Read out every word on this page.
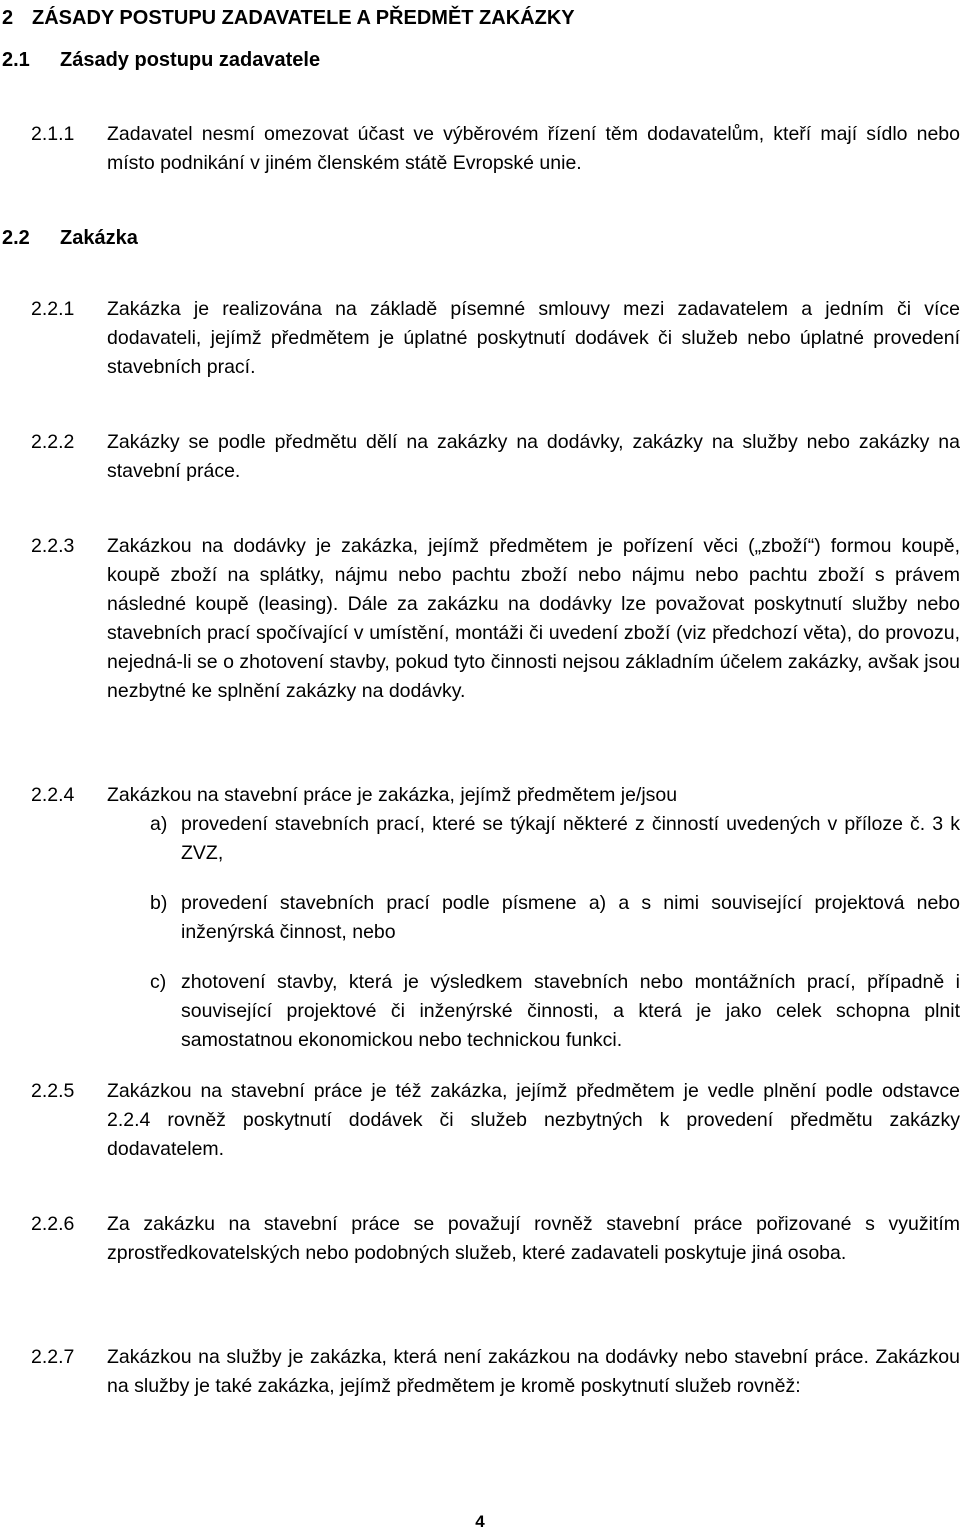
2 ZÁSADY POSTUPU ZADAVATELE A PŘEDMĚT ZAKÁZKY
2.1 Zásady postupu zadavatele
2.1.1 Zadavatel nesmí omezovat účast ve výběrovém řízení těm dodavatelům, kteří mají sídlo nebo místo podnikání v jiném členském státě Evropské unie.
2.2 Zakázka
2.2.1 Zakázka je realizována na základě písemné smlouvy mezi zadavatelem a jedním či více dodavateli, jejímž předmětem je úplatné poskytnutí dodávek či služeb nebo úplatné provedení stavebních prací.
2.2.2 Zakázky se podle předmětu dělí na zakázky na dodávky, zakázky na služby nebo zakázky na stavební práce.
2.2.3 Zakázkou na dodávky je zakázka, jejímž předmětem je pořízení věci („zboží“) formou koupě, koupě zboží na splátky, nájmu nebo pachtu zboží nebo nájmu nebo pachtu zboží s právem následné koupě (leasing). Dále za zakázku na dodávky lze považovat poskytnutí služby nebo stavebních prací spočívající v umístění, montáži či uvedení zboží (viz předchozí věta), do provozu, nejedná-li se o zhotovení stavby, pokud tyto činnosti nejsou základním účelem zakázky, avšak jsou nezbytné ke splnění zakázky na dodávky.
2.2.4 Zakázkou na stavební práce je zakázka, jejímž předmětem je/jsou
a) provedení stavebních prací, které se týkají některé z činností uvedených v příloze č. 3 k ZVZ,
b) provedení stavebních prací podle písmene a) a s nimi související projektová nebo inženýrská činnost, nebo
c) zhotovení stavby, která je výsledkem stavebních nebo montážních prací, případně i související projektové či inženýrské činnosti, a která je jako celek schopna plnit samostatnou ekonomickou nebo technickou funkci.
2.2.5 Zakázkou na stavební práce je též zakázka, jejímž předmětem je vedle plnění podle odstavce 2.2.4 rovněž poskytnutí dodávek či služeb nezbytných k provedení předmětu zakázky dodavatelem.
2.2.6 Za zakázku na stavební práce se považují rovněž stavební práce pořizované s využitím zprostředkovatelských nebo podobných služeb, které zadavateli poskytuje jiná osoba.
2.2.7 Zakázkou na služby je zakázka, která není zakázkou na dodávky nebo stavební práce. Zakázkou na služby je také zakázka, jejímž předmětem je kromě poskytnutí služeb rovněž:
4
